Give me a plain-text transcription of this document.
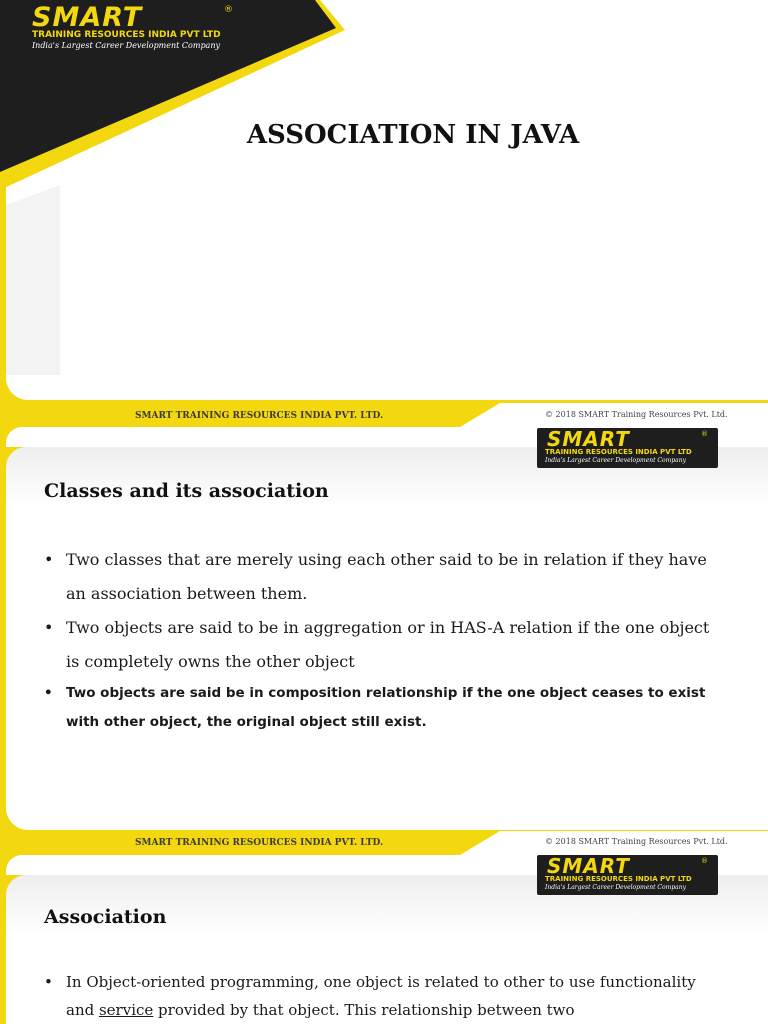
SMART	®
TRAINING RESOURCES INDIA PVT LTD
India's Largest Career Development Company
ASSOCIATION IN JAVA
SMART TRAINING RESOURCES INDIA PVT. LTD.	© 2018 SMART Training Resources Pvt. Ltd.
SMART	®
TRAINING RESOURCES INDIA PVT LTD
India's Largest Career Development Company
Classes and its association
• Two classes that are merely using each other said to be in relation if they have an association between them.
• Two objects are said to be in aggregation or in HAS-A relation if the one object is completely owns the other object
• Two objects are said be in composition relationship if the one object ceases to exist with other object, the original object still exist.
SMART TRAINING RESOURCES INDIA PVT. LTD.	© 2018 SMART Training Resources Pvt. Ltd.
SMART	®
TRAINING RESOURCES INDIA PVT LTD
India's Largest Career Development Company
Association
• In Object-oriented programming, one object is related to other to use functionality and service provided by that object. This relationship between two
